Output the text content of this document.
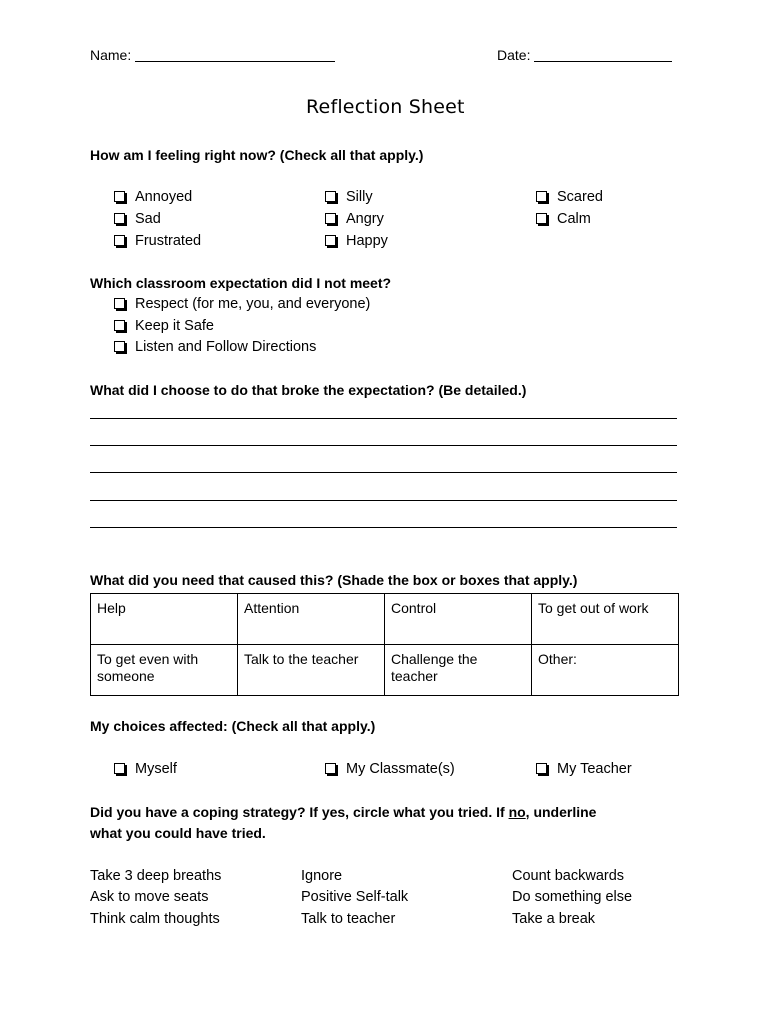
Name:	Date:
Reflection Sheet
How am I feeling right now? (Check all that apply.)
Annoyed
Sad
Frustrated
Silly
Angry
Happy
Scared
Calm
Which classroom expectation did I not meet?
Respect (for me, you, and everyone)
Keep it Safe
Listen and Follow Directions
What did I choose to do that broke the expectation? (Be detailed.)
What did you need that caused this? (Shade the box or boxes that apply.)
Help	Attention	Control	To get out of work
To get even with someone	Talk to the teacher	Challenge the teacher	Other:
My choices affected: (Check all that apply.)
Myself	My Classmate(s)	My Teacher
Did you have a coping strategy? If yes, circle what you tried. If no, underline
what you could have tried.
Take 3 deep breaths
Ask to move seats
Think calm thoughts
Ignore
Positive Self-talk
Talk to teacher
Count backwards
Do something else
Take a break
